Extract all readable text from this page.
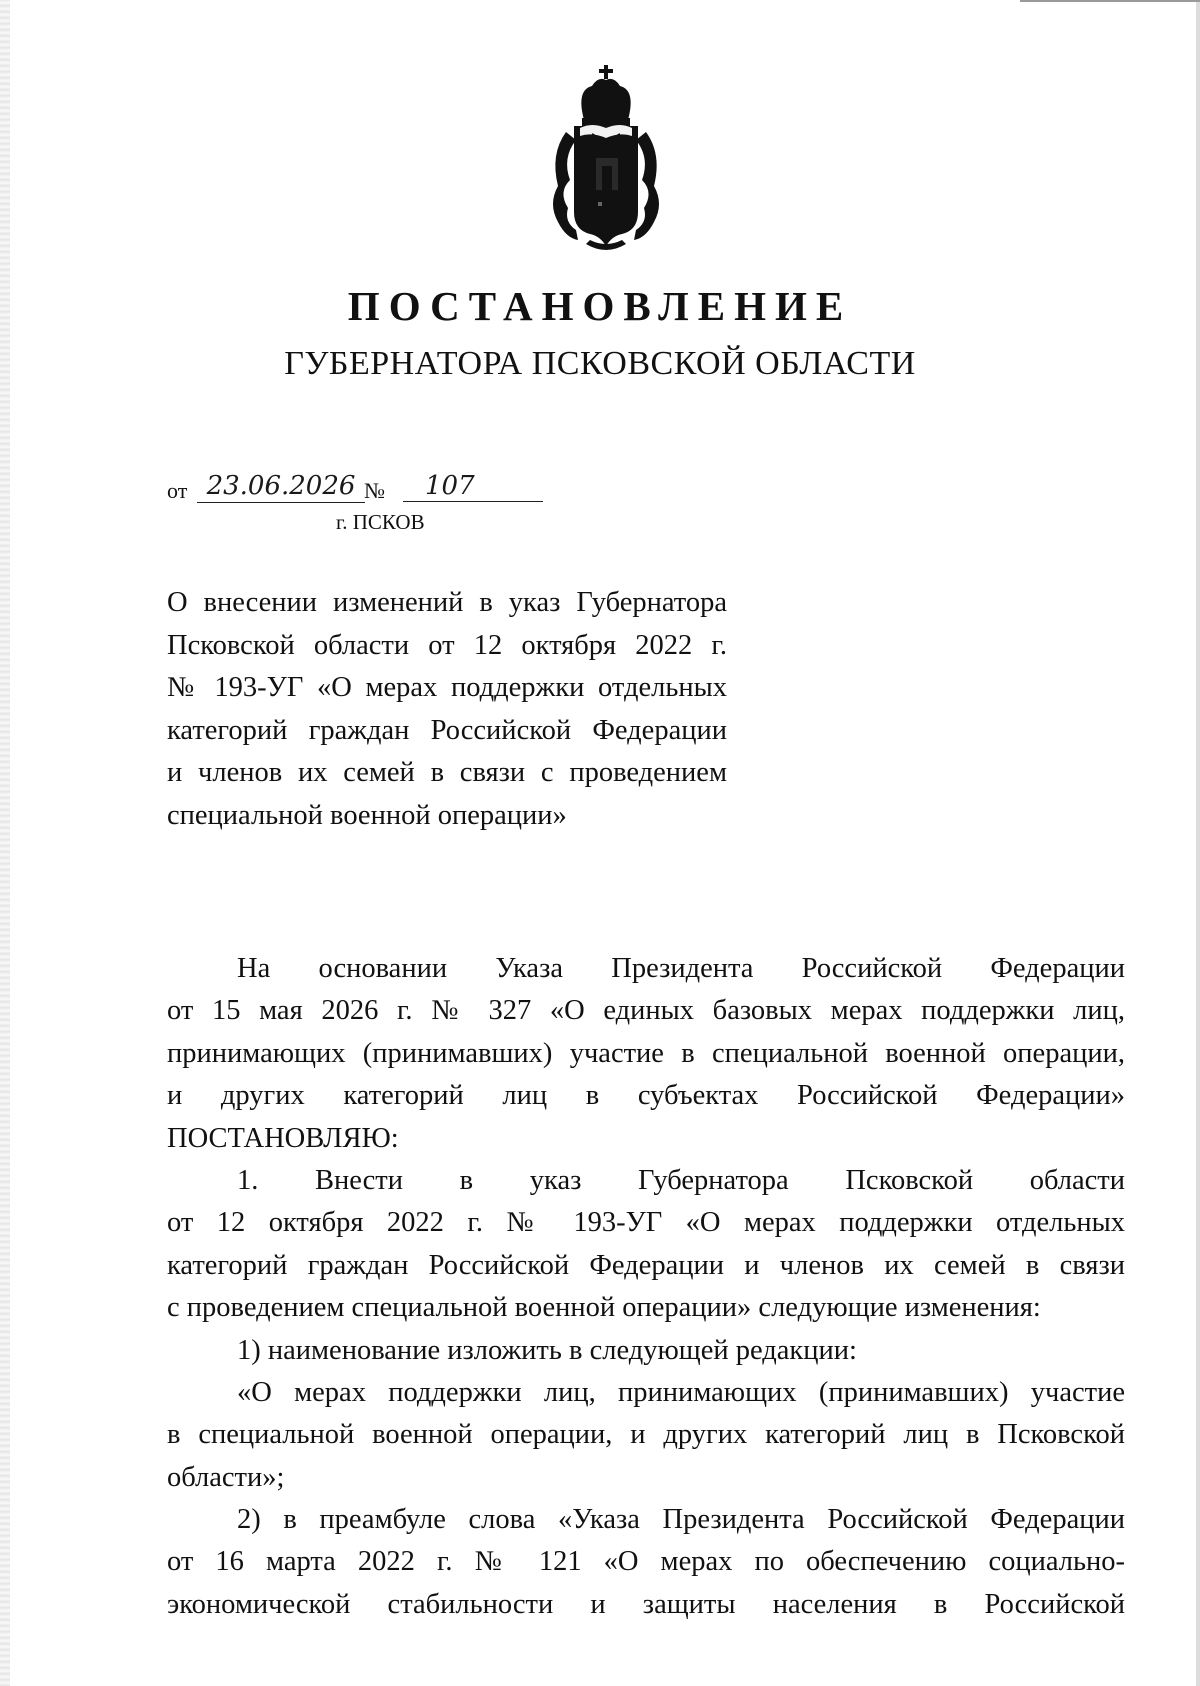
ПОСТАНОВЛЕНИЕ
ГУБЕРНАТОРА ПСКОВСКОЙ ОБЛАСТИ
от 23.06.2026 №	107
г. ПСКОВ
О внесении изменений в указ Губернатора
Псковской области от 12 октября 2022 г.
№ 193-УГ «О мерах поддержки отдельных
категорий граждан Российской Федерации
и членов их семей в связи с проведением
специальной военной операции»
На основании Указа Президента Российской Федерации
от 15 мая 2026 г. № 327 «О единых базовых мерах поддержки лиц,
принимающих (принимавших) участие в специальной военной операции,
и других категорий лиц в субъектах Российской Федерации»
ПОСТАНОВЛЯЮ:
1. Внести в указ Губернатора Псковской области
от 12 октября 2022 г. № 193-УГ «О мерах поддержки отдельных
категорий граждан Российской Федерации и членов их семей в связи
с проведением специальной военной операции» следующие изменения:
1) наименование изложить в следующей редакции:
«О мерах поддержки лиц, принимающих (принимавших) участие
в специальной военной операции, и других категорий лиц в Псковской
области»;
2) в преамбуле слова «Указа Президента Российской Федерации
от 16 марта 2022 г. № 121 «О мерах по обеспечению социально-
экономической стабильности и защиты населения в Российской
